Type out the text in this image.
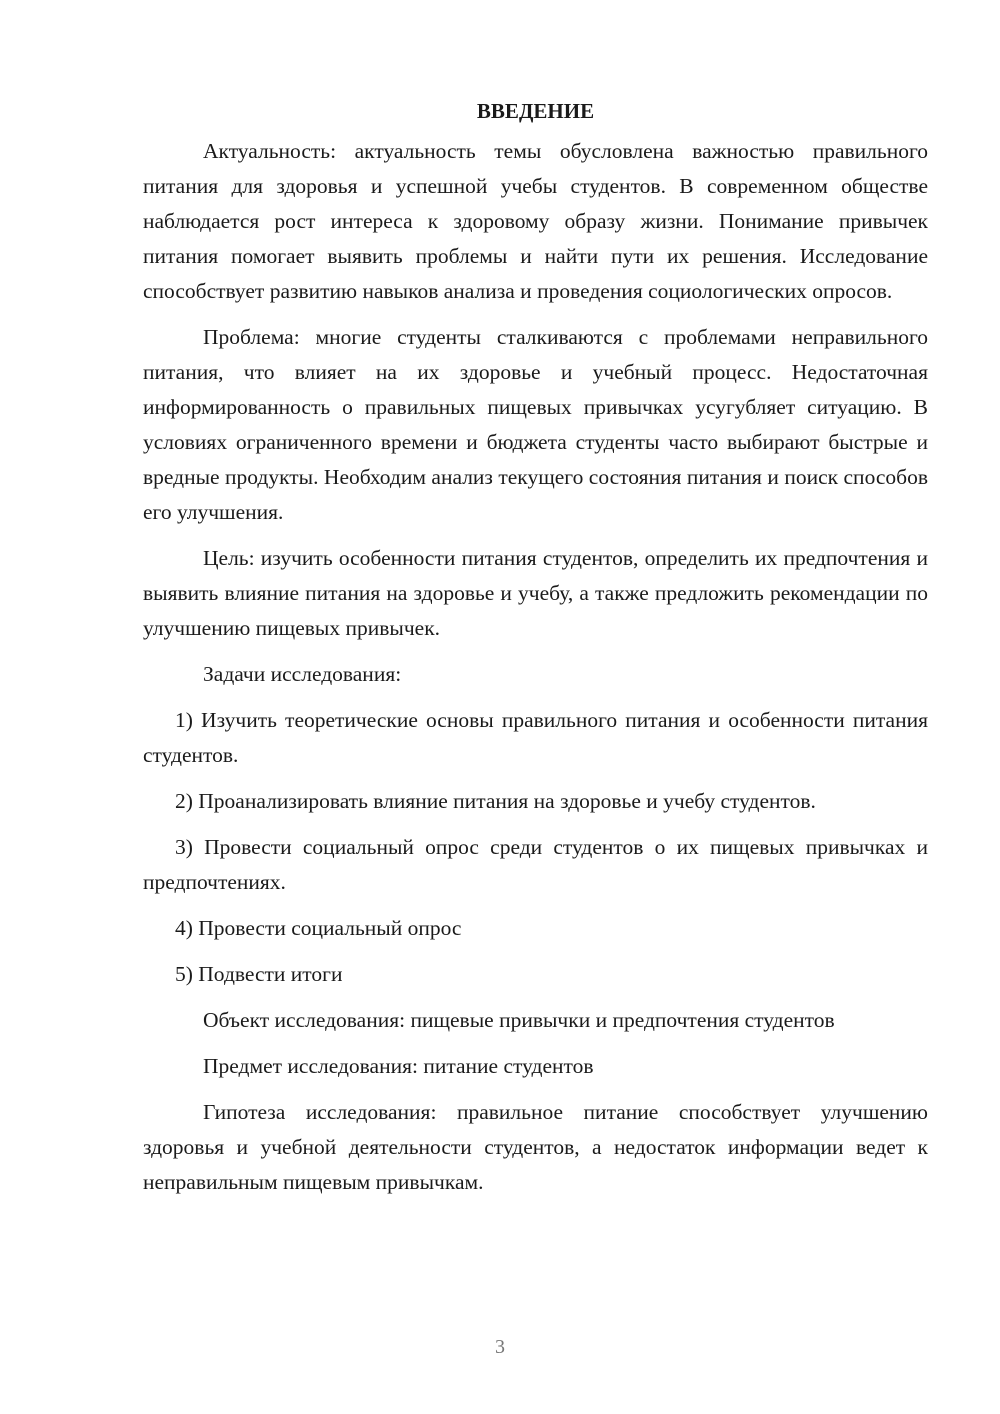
ВВЕДЕНИЕ

Актуальность: актуальность темы обусловлена важностью правильного питания для здоровья и успешной учебы студентов. В современном обществе наблюдается рост интереса к здоровому образу жизни. Понимание привычек питания помогает выявить проблемы и найти пути их решения. Исследование способствует развитию навыков анализа и проведения социологических опросов.

Проблема: многие студенты сталкиваются с проблемами неправильного питания, что влияет на их здоровье и учебный процесс. Недостаточная информированность о правильных пищевых привычках усугубляет ситуацию. В условиях ограниченного времени и бюджета студенты часто выбирают быстрые и вредные продукты. Необходим анализ текущего состояния питания и поиск способов его улучшения.

Цель: изучить особенности питания студентов, определить их предпочтения и выявить влияние питания на здоровье и учебу, а также предложить рекомендации по улучшению пищевых привычек.

Задачи исследования:

1) Изучить теоретические основы правильного питания и особенности питания студентов.

2) Проанализировать влияние питания на здоровье и учебу студентов.

3) Провести социальный опрос среди студентов о их пищевых привычках и предпочтениях.

4) Провести социальный опрос

5) Подвести итоги

Объект исследования: пищевые привычки и предпочтения студентов

Предмет исследования: питание студентов

Гипотеза исследования: правильное питание способствует улучшению здоровья и учебной деятельности студентов, а недостаток информации ведет к неправильным пищевым привычкам.

3
